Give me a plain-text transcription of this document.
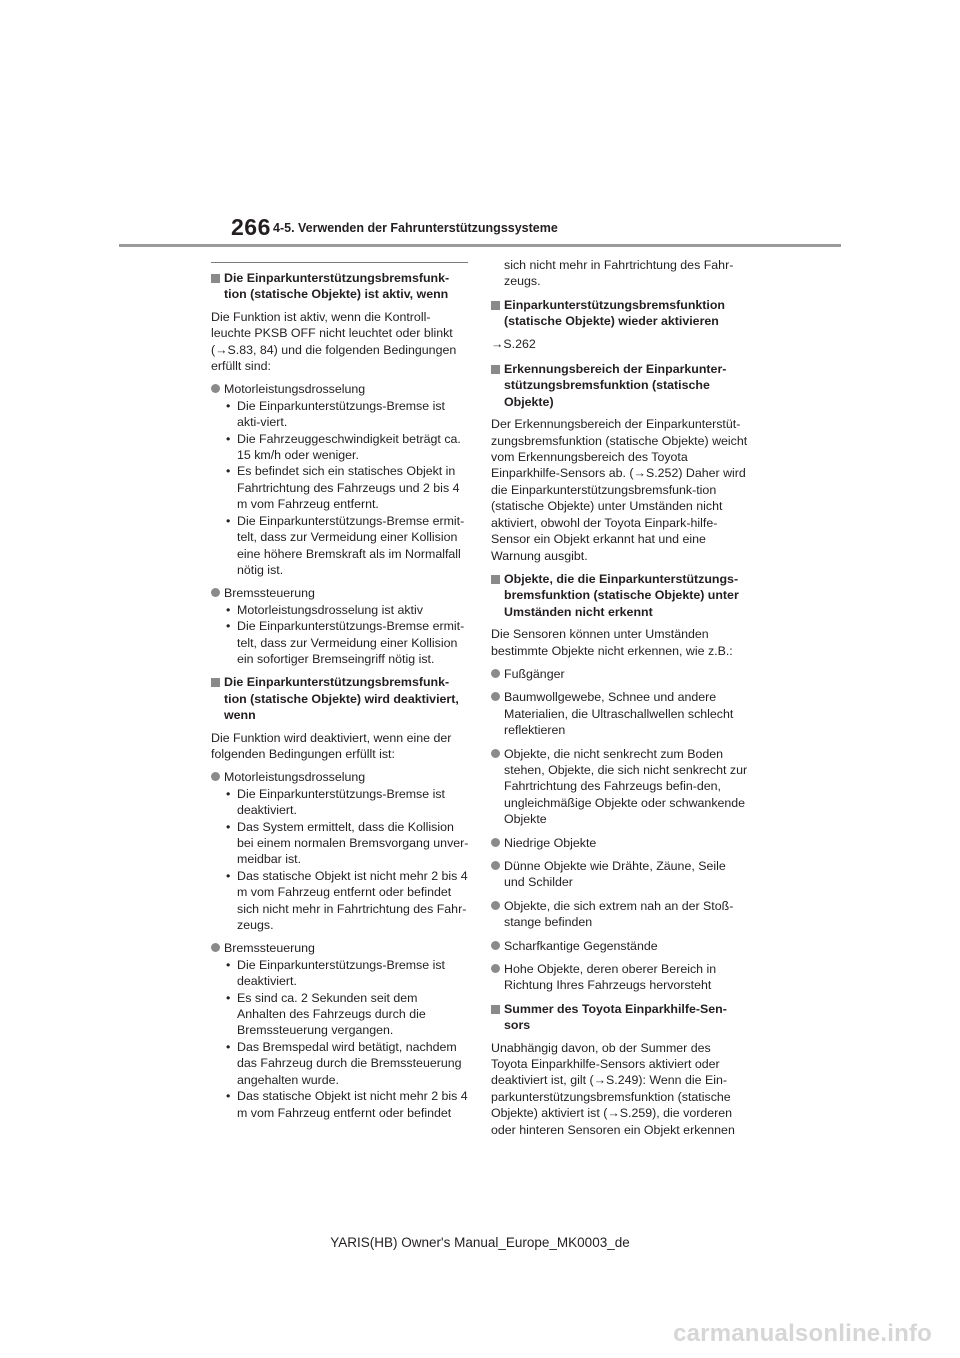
266 4-5. Verwenden der Fahrunterstützungssysteme
Die Einparkunterstützungsbremsfunk-tion (statische Objekte) ist aktiv, wenn
Die Funktion ist aktiv, wenn die Kontroll-leuchte PKSB OFF nicht leuchtet oder blinkt (→S.83, 84) und die folgenden Bedingungen erfüllt sind:
Motorleistungsdrosselung
• Die Einparkunterstützungs-Bremse ist akti-viert.
• Die Fahrzeuggeschwindigkeit beträgt ca. 15 km/h oder weniger.
• Es befindet sich ein statisches Objekt in Fahrtrichtung des Fahrzeugs und 2 bis 4 m vom Fahrzeug entfernt.
• Die Einparkunterstützungs-Bremse ermit-telt, dass zur Vermeidung einer Kollision eine höhere Bremskraft als im Normalfall nötig ist.
Bremssteuerung
• Motorleistungsdrosselung ist aktiv
• Die Einparkunterstützungs-Bremse ermit-telt, dass zur Vermeidung einer Kollision ein sofortiger Bremseingriff nötig ist.
Die Einparkunterstützungsbremsfunk-tion (statische Objekte) wird deaktiviert, wenn
Die Funktion wird deaktiviert, wenn eine der folgenden Bedingungen erfüllt ist:
Motorleistungsdrosselung
• Die Einparkunterstützungs-Bremse ist deaktiviert.
• Das System ermittelt, dass die Kollision bei einem normalen Bremsvorgang unver-meidbar ist.
• Das statische Objekt ist nicht mehr 2 bis 4 m vom Fahrzeug entfernt oder befindet sich nicht mehr in Fahrtrichtung des Fahr-zeugs.
Bremssteuerung
• Die Einparkunterstützungs-Bremse ist deaktiviert.
• Es sind ca. 2 Sekunden seit dem Anhalten des Fahrzeugs durch die Bremssteuerung vergangen.
• Das Bremspedal wird betätigt, nachdem das Fahrzeug durch die Bremssteuerung angehalten wurde.
• Das statische Objekt ist nicht mehr 2 bis 4 m vom Fahrzeug entfernt oder befindet
sich nicht mehr in Fahrtrichtung des Fahr-zeugs.
Einparkunterstützungsbremsfunktion (statische Objekte) wieder aktivieren
→S.262
Erkennungsbereich der Einparkunter-stützungsbremsfunktion (statische Objekte)
Der Erkennungsbereich der Einparkunterstüt-zungsbremsfunktion (statische Objekte) weicht vom Erkennungsbereich des Toyota Einparkhilfe-Sensors ab. (→S.252) Daher wird die Einparkunterstützungsbremsfunk-tion (statische Objekte) unter Umständen nicht aktiviert, obwohl der Toyota Einpark-hilfe-Sensor ein Objekt erkannt hat und eine Warnung ausgibt.
Objekte, die die Einparkunterstützungs-bremsfunktion (statische Objekte) unter Umständen nicht erkennt
Die Sensoren können unter Umständen bestimmte Objekte nicht erkennen, wie z.B.:
Fußgänger
Baumwollgewebe, Schnee und andere Materialien, die Ultraschallwellen schlecht reflektieren
Objekte, die nicht senkrecht zum Boden stehen, Objekte, die sich nicht senkrecht zur Fahrtrichtung des Fahrzeugs befin-den, ungleichmäßige Objekte oder schwankende Objekte
Niedrige Objekte
Dünne Objekte wie Drähte, Zäune, Seile und Schilder
Objekte, die sich extrem nah an der Stoß-stange befinden
Scharfkantige Gegenstände
Hohe Objekte, deren oberer Bereich in Richtung Ihres Fahrzeugs hervorsteht
Summer des Toyota Einparkhilfe-Sen-sors
Unabhängig davon, ob der Summer des Toyota Einparkhilfe-Sensors aktiviert oder deaktiviert ist, gilt (→S.249): Wenn die Ein-parkunterstützungsbremsfunktion (statische Objekte) aktiviert ist (→S.259), die vorderen oder hinteren Sensoren ein Objekt erkennen
YARIS(HB) Owner's Manual_Europe_MK0003_de
carmanualsonline.info
